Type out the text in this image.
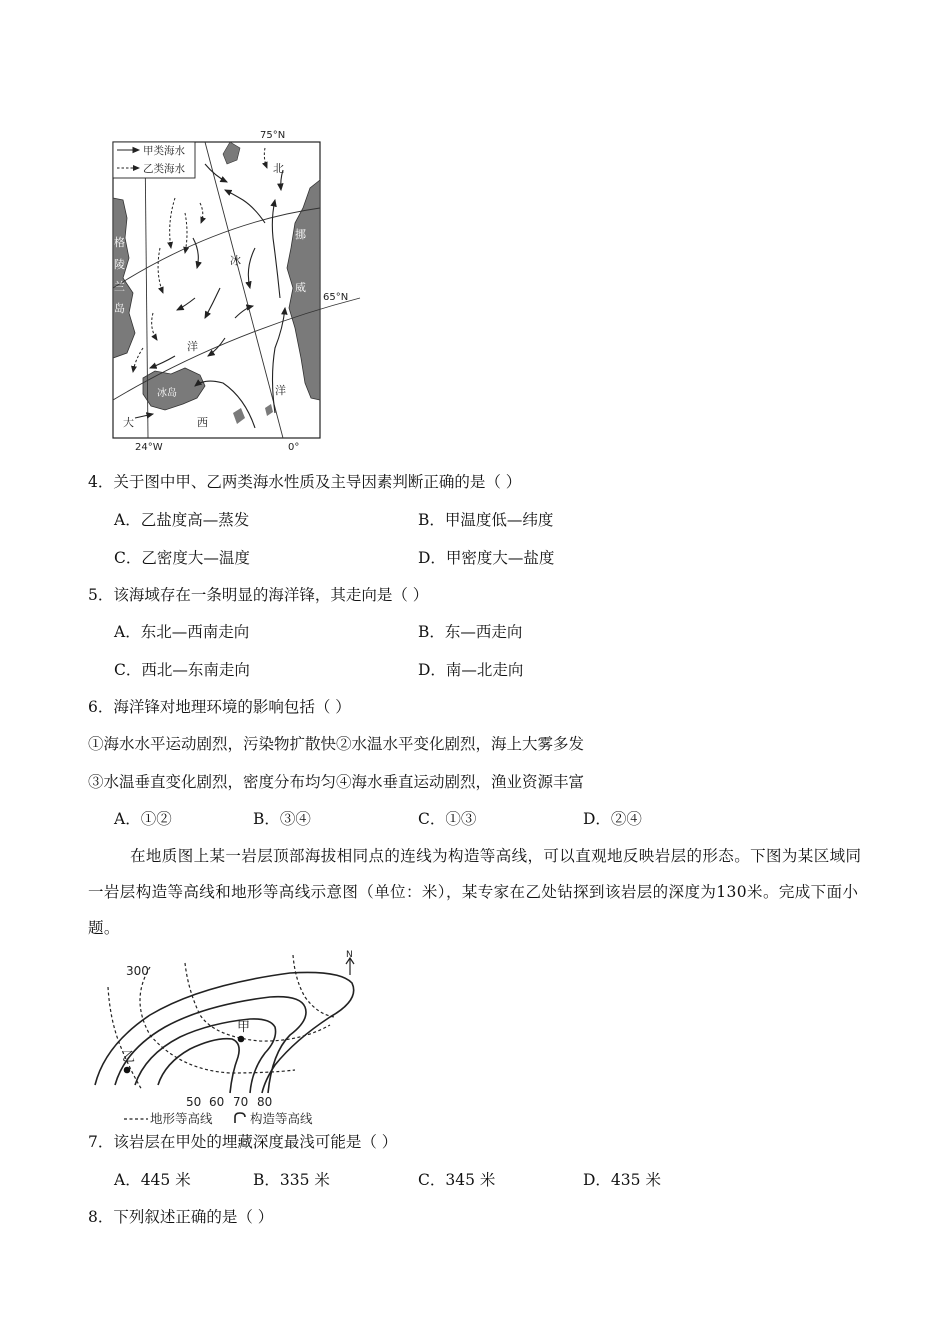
甲类海水
乙类海水
75°N
65°N
24°W	0°
格
陵
兰
岛
挪
威
冰岛
北
冰
洋
大	西
洋
4．关于图中甲、乙两类海水性质及主导因素判断正确的是（ ）
A．乙盐度高—蒸发	B．甲温度低—纬度
C．乙密度大—温度	D．甲密度大—盐度
5．该海域存在一条明显的海洋锋，其走向是（ ）
A．东北—西南走向	B．东—西走向
C．西北—东南走向	D．南—北走向
6．海洋锋对地理环境的影响包括（ ）
①海水水平运动剧烈，污染物扩散快②水温水平变化剧烈，海上大雾多发
③水温垂直变化剧烈，密度分布均匀④海水垂直运动剧烈，渔业资源丰富
A．①②	B．③④	C．①③	D．②④
在地质图上某一岩层顶部海拔相同点的连线为构造等高线，可以直观地反映岩层的形态。下图为某区域同一岩层构造等高线和地形等高线示意图（单位：米），某专家在乙处钻探到该岩层的深度为130米。完成下面小题。
N
300
甲
乙
50 60 70 80
地形等高线	构造等高线
7．该岩层在甲处的埋藏深度最浅可能是（ ）
A．445 米	B．335 米	C．345 米	D．435 米
8．下列叙述正确的是（ ）
